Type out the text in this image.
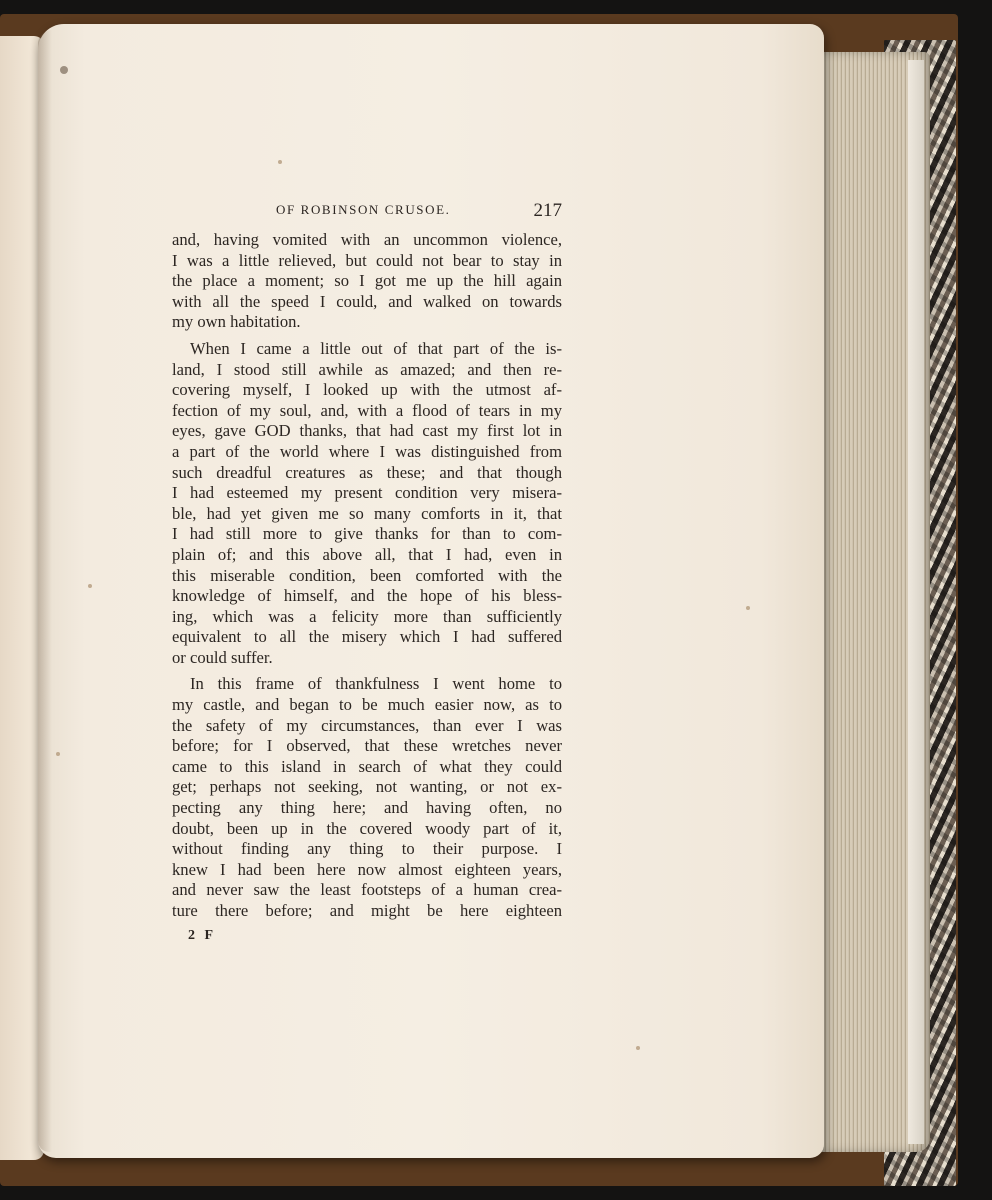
OF ROBINSON CRUSOE.	217
and, having vomited with an uncommon violence,
I was a little relieved, but could not bear to stay in
the place a moment; so I got me up the hill again
with all the speed I could, and walked on towards
my own habitation.
When I came a little out of that part of the is-
land, I stood still awhile as amazed; and then re-
covering myself, I looked up with the utmost af-
fection of my soul, and, with a flood of tears in my
eyes, gave GOD thanks, that had cast my first lot in
a part of the world where I was distinguished from
such dreadful creatures as these; and that though
I had esteemed my present condition very misera-
ble, had yet given me so many comforts in it, that
I had still more to give thanks for than to com-
plain of; and this above all, that I had, even in
this miserable condition, been comforted with the
knowledge of himself, and the hope of his bless-
ing, which was a felicity more than sufficiently
equivalent to all the misery which I had suffered
or could suffer.
In this frame of thankfulness I went home to
my castle, and began to be much easier now, as to
the safety of my circumstances, than ever I was
before; for I observed, that these wretches never
came to this island in search of what they could
get; perhaps not seeking, not wanting, or not ex-
pecting any thing here; and having often, no
doubt, been up in the covered woody part of it,
without finding any thing to their purpose. I
knew I had been here now almost eighteen years,
and never saw the least footsteps of a human crea-
ture there before; and might be here eighteen
2 F
